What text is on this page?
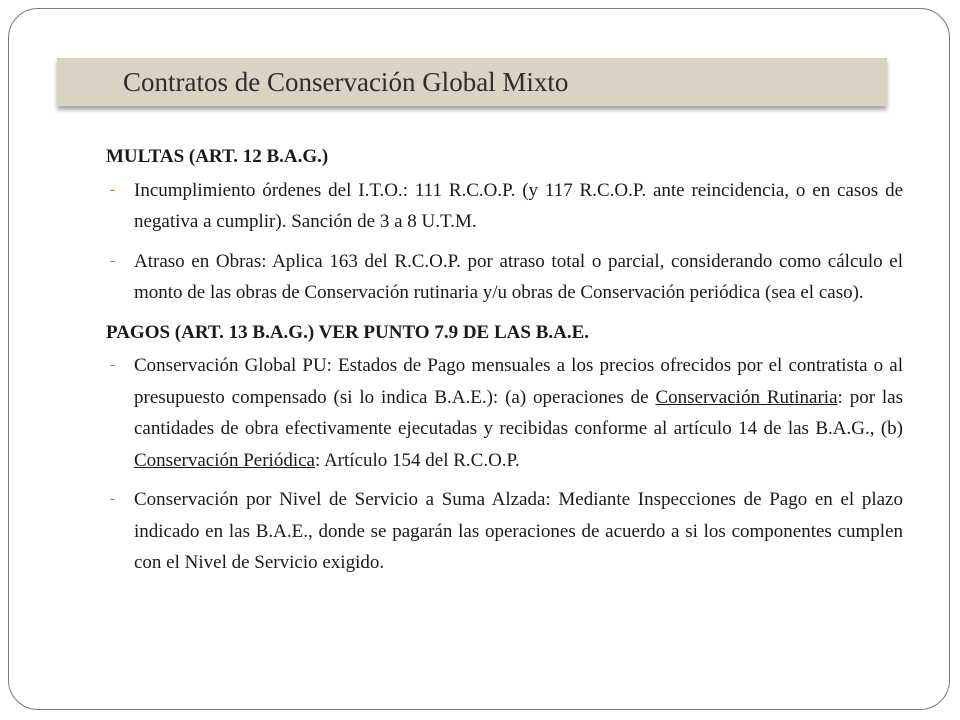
Contratos de Conservación Global Mixto
MULTAS (ART. 12 B.A.G.)
- Incumplimiento órdenes del I.T.O.: 111 R.C.O.P. (y 117 R.C.O.P. ante reincidencia, o en casos de negativa a cumplir). Sanción de 3 a 8 U.T.M.
- Atraso en Obras: Aplica 163 del R.C.O.P. por atraso total o parcial, considerando como cálculo el monto de las obras de Conservación rutinaria y/u obras de Conservación periódica (sea el caso).
PAGOS (ART. 13 B.A.G.) VER PUNTO 7.9 DE LAS B.A.E.
- Conservación Global PU: Estados de Pago mensuales a los precios ofrecidos por el contratista o al presupuesto compensado (si lo indica B.A.E.): (a) operaciones de Conservación Rutinaria: por las cantidades de obra efectivamente ejecutadas y recibidas conforme al artículo 14 de las B.A.G., (b) Conservación Periódica: Artículo 154 del R.C.O.P.
- Conservación por Nivel de Servicio a Suma Alzada: Mediante Inspecciones de Pago en el plazo indicado en las B.A.E., donde se pagarán las operaciones de acuerdo a si los componentes cumplen con el Nivel de Servicio exigido.
